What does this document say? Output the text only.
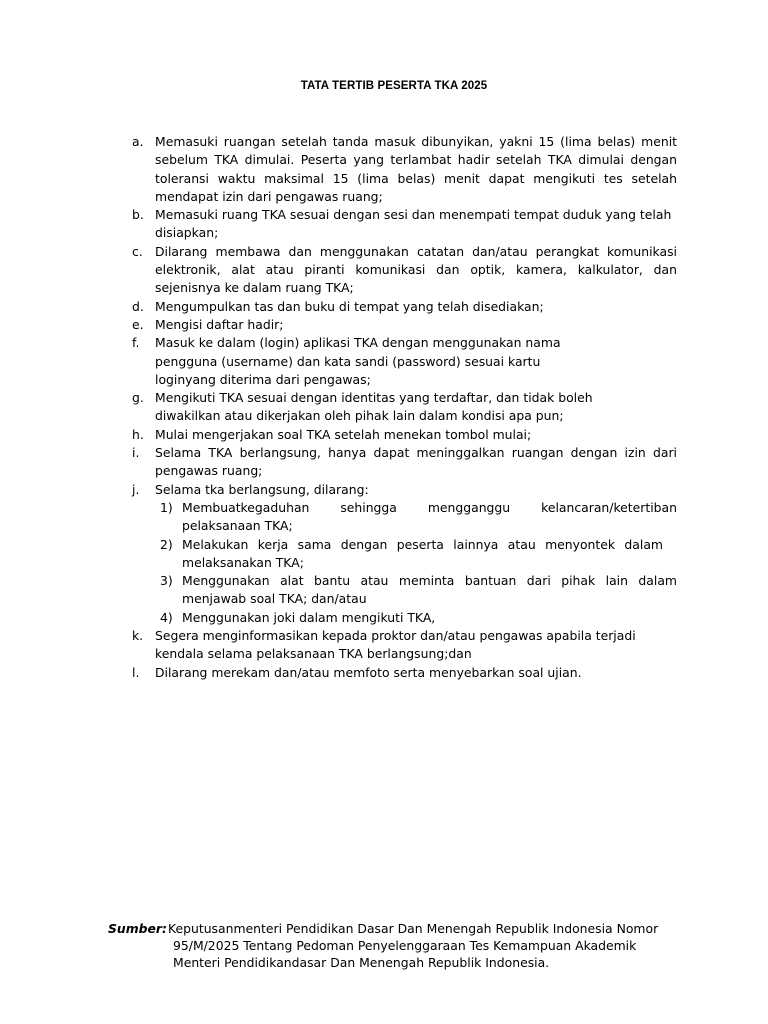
TATA TERTIB PESERTA TKA 2025
a. Memasuki ruangan setelah tanda masuk dibunyikan, yakni 15 (lima belas) menit sebelum TKA dimulai. Peserta yang terlambat hadir setelah TKA dimulai dengan toleransi waktu maksimal 15 (lima belas) menit dapat mengikuti tes setelah mendapat izin dari pengawas ruang;
b. Memasuki ruang TKA sesuai dengan sesi dan menempati tempat duduk yang telah disiapkan;
c. Dilarang membawa dan menggunakan catatan dan/atau perangkat komunikasi elektronik, alat atau piranti komunikasi dan optik, kamera, kalkulator, dan sejenisnya ke dalam ruang TKA;
d. Mengumpulkan tas dan buku di tempat yang telah disediakan;
e. Mengisi daftar hadir;
f. Masuk ke dalam (login) aplikasi TKA dengan menggunakan nama pengguna (username) dan kata sandi (password) sesuai kartu loginyang diterima dari pengawas;
g. Mengikuti TKA sesuai dengan identitas yang terdaftar, dan tidak boleh diwakilkan atau dikerjakan oleh pihak lain dalam kondisi apa pun;
h. Mulai mengerjakan soal TKA setelah menekan tombol mulai;
i. Selama TKA berlangsung, hanya dapat meninggalkan ruangan dengan izin dari pengawas ruang;
j. Selama tka berlangsung, dilarang:
1) Membuatkegaduhan sehingga mengganggu kelancaran/ketertiban pelaksanaan TKA;
2) Melakukan kerja sama dengan peserta lainnya atau menyontek dalam melaksanakan TKA;
3) Menggunakan alat bantu atau meminta bantuan dari pihak lain dalam menjawab soal TKA; dan/atau
4) Menggunakan joki dalam mengikuti TKA,
k. Segera menginformasikan kepada proktor dan/atau pengawas apabila terjadi kendala selama pelaksanaan TKA berlangsung;dan
l. Dilarang merekam dan/atau memfoto serta menyebarkan soal ujian.
Sumber: Keputusanmenteri Pendidikan Dasar Dan Menengah Republik Indonesia Nomor
95/M/2025 Tentang Pedoman Penyelenggaraan Tes Kemampuan Akademik
Menteri Pendidikandasar Dan Menengah Republik Indonesia.
